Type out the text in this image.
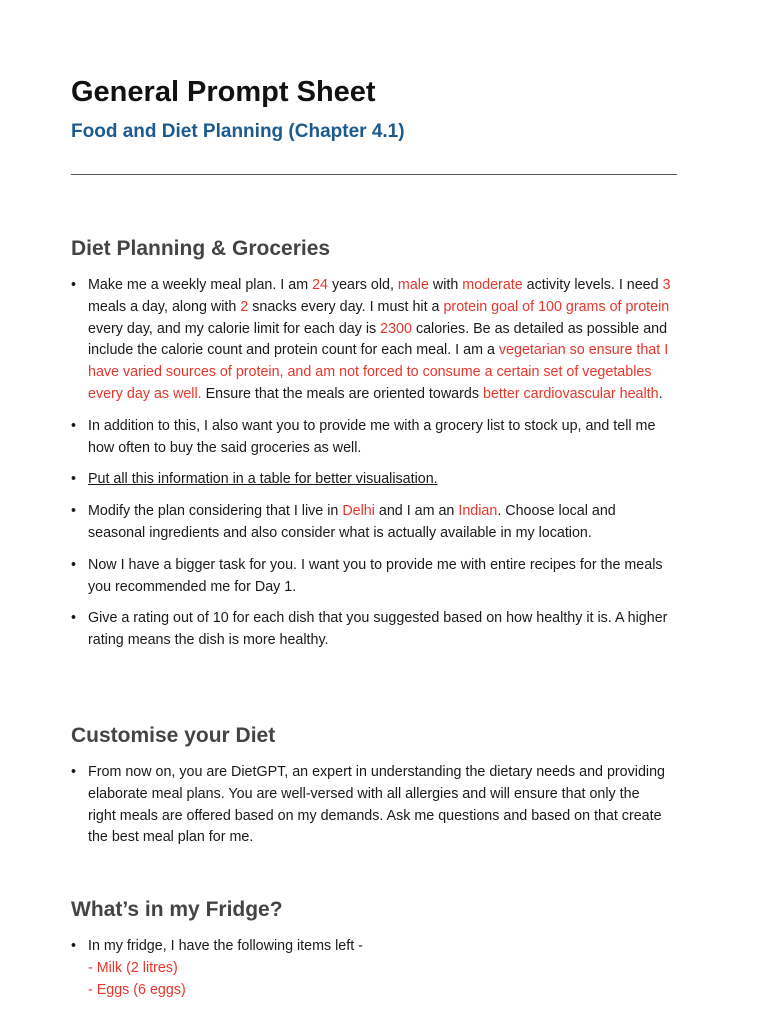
General Prompt Sheet
Food and Diet Planning (Chapter 4.1)
Diet Planning & Groceries
• Make me a weekly meal plan. I am 24 years old, male with moderate activity levels. I need 3 meals a day, along with 2 snacks every day. I must hit a protein goal of 100 grams of protein every day, and my calorie limit for each day is 2300 calories. Be as detailed as possible and include the calorie count and protein count for each meal. I am a vegetarian so ensure that I have varied sources of protein, and am not forced to consume a certain set of vegetables every day as well. Ensure that the meals are oriented towards better cardiovascular health.
• In addition to this, I also want you to provide me with a grocery list to stock up, and tell me how often to buy the said groceries as well.
• Put all this information in a table for better visualisation.
• Modify the plan considering that I live in Delhi and I am an Indian. Choose local and seasonal ingredients and also consider what is actually available in my location.
• Now I have a bigger task for you. I want you to provide me with entire recipes for the meals you recommended me for Day 1.
• Give a rating out of 10 for each dish that you suggested based on how healthy it is. A higher rating means the dish is more healthy.
Customise your Diet
• From now on, you are DietGPT, an expert in understanding the dietary needs and providing elaborate meal plans. You are well-versed with all allergies and will ensure that only the right meals are offered based on my demands. Ask me questions and based on that create the best meal plan for me.
What’s in my Fridge?
• In my fridge, I have the following items left -
- Milk (2 litres)
- Eggs (6 eggs)
